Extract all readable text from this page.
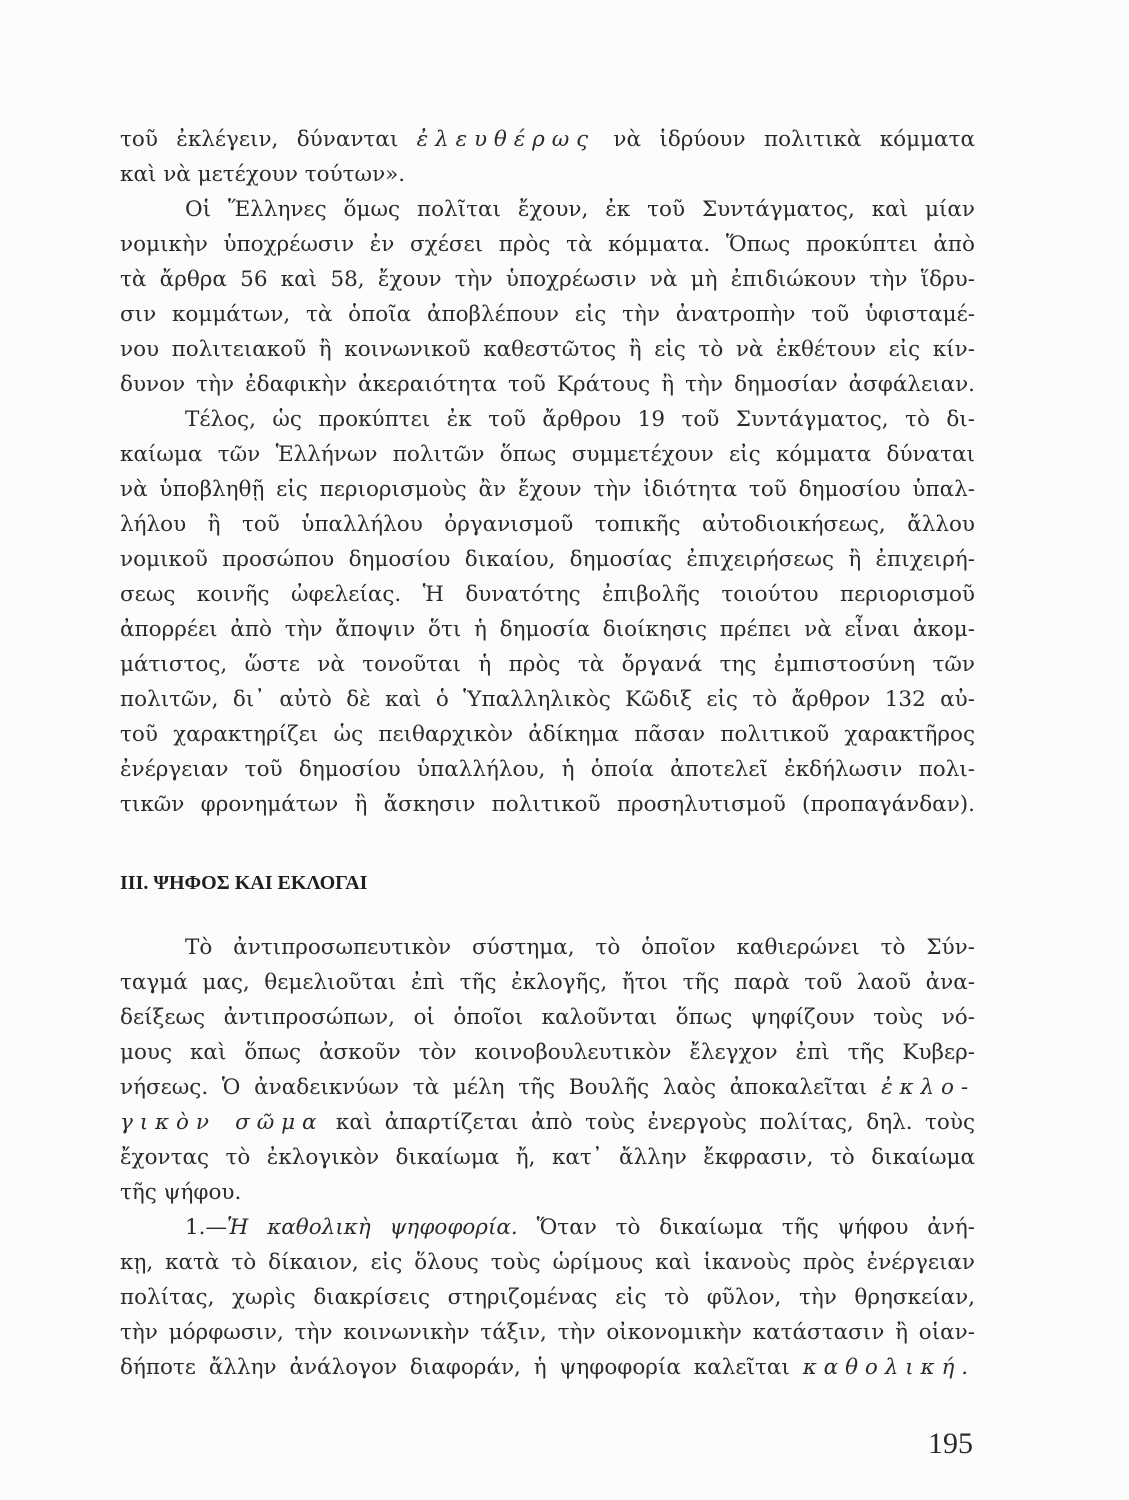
τοῦ ἐκλέγειν, δύνανται ἐλευθέρως νὰ ἱδρύουν πολιτικὰ κόμματα
καὶ νὰ μετέχουν τούτων».
Οἱ Ἕλληνες ὅμως πολῖται ἔχουν, ἐκ τοῦ Συντάγματος, καὶ μίαν
νομικὴν ὑποχρέωσιν ἐν σχέσει πρὸς τὰ κόμματα. Ὅπως προκύπτει ἀπὸ
τὰ ἄρθρα 56 καὶ 58, ἔχουν τὴν ὑποχρέωσιν νὰ μὴ ἐπιδιώκουν τὴν ἵδρυ-
σιν κομμάτων, τὰ ὁποῖα ἀποβλέπουν εἰς τὴν ἀνατροπὴν τοῦ ὑφισταμέ-
νου πολιτειακοῦ ἢ κοινωνικοῦ καθεστῶτος ἢ εἰς τὸ νὰ ἐκθέτουν εἰς κίν-
δυνον τὴν ἐδαφικὴν ἀκεραιότητα τοῦ Κράτους ἢ τὴν δημοσίαν ἀσφάλειαν.
Τέλος, ὡς προκύπτει ἐκ τοῦ ἄρθρου 19 τοῦ Συντάγματος, τὸ δι-
καίωμα τῶν Ἑλλήνων πολιτῶν ὅπως συμμετέχουν εἰς κόμματα δύναται
νὰ ὑποβληθῇ εἰς περιορισμοὺς ἂν ἔχουν τὴν ἰδιότητα τοῦ δημοσίου ὑπαλ-
λήλου ἢ τοῦ ὑπαλλήλου ὀργανισμοῦ τοπικῆς αὐτοδιοικήσεως, ἄλλου
νομικοῦ προσώπου δημοσίου δικαίου, δημοσίας ἐπιχειρήσεως ἢ ἐπιχειρή-
σεως κοινῆς ὠφελείας. Ἡ δυνατότης ἐπιβολῆς τοιούτου περιορισμοῦ
ἀπορρέει ἀπὸ τὴν ἄποψιν ὅτι ἡ δημοσία διοίκησις πρέπει νὰ εἶναι ἀκομ-
μάτιστος, ὥστε νὰ τονοῦται ἡ πρὸς τὰ ὄργανά της ἐμπιστοσύνη τῶν
πολιτῶν, δι᾽ αὐτὸ δὲ καὶ ὁ Ὑπαλληλικὸς Κῶδιξ εἰς τὸ ἄρθρον 132 αὐ-
τοῦ χαρακτηρίζει ὡς πειθαρχικὸν ἀδίκημα πᾶσαν πολιτικοῦ χαρακτῆρος
ἐνέργειαν τοῦ δημοσίου ὑπαλλήλου, ἡ ὁποία ἀποτελεῖ ἐκδήλωσιν πολι-
τικῶν φρονημάτων ἢ ἄσκησιν πολιτικοῦ προσηλυτισμοῦ (προπαγάνδαν).
III. ΨΗΦΟΣ ΚΑΙ ΕΚΛΟΓΑΙ
Τὸ ἀντιπροσωπευτικὸν σύστημα, τὸ ὁποῖον καθιερώνει τὸ Σύν-
ταγμά μας, θεμελιοῦται ἐπὶ τῆς ἐκλογῆς, ἤτοι τῆς παρὰ τοῦ λαοῦ ἀνα-
δείξεως ἀντιπροσώπων, οἱ ὁποῖοι καλοῦνται ὅπως ψηφίζουν τοὺς νό-
μους καὶ ὅπως ἀσκοῦν τὸν κοινοβουλευτικὸν ἔλεγχον ἐπὶ τῆς Κυβερ-
νήσεως. Ὁ ἀναδεικνύων τὰ μέλη τῆς Βουλῆς λαὸς ἀποκαλεῖται ἐκλο-
γικὸν σῶμα καὶ ἀπαρτίζεται ἀπὸ τοὺς ἐνεργοὺς πολίτας, δηλ. τοὺς
ἔχοντας τὸ ἐκλογικὸν δικαίωμα ἤ, κατ᾽ ἄλλην ἔκφρασιν, τὸ δικαίωμα
τῆς ψήφου.
1.—Ἡ καθολικὴ ψηφοφορία. Ὅταν τὸ δικαίωμα τῆς ψήφου ἀνή-
κῃ, κατὰ τὸ δίκαιον, εἰς ὅλους τοὺς ὡρίμους καὶ ἱκανοὺς πρὸς ἐνέργειαν
πολίτας, χωρὶς διακρίσεις στηριζομένας εἰς τὸ φῦλον, τὴν θρησκείαν,
τὴν μόρφωσιν, τὴν κοινωνικὴν τάξιν, τὴν οἰκονομικὴν κατάστασιν ἢ οἱαν-
δήποτε ἄλλην ἀνάλογον διαφοράν, ἡ ψηφοφορία καλεῖται καθολική.
195
